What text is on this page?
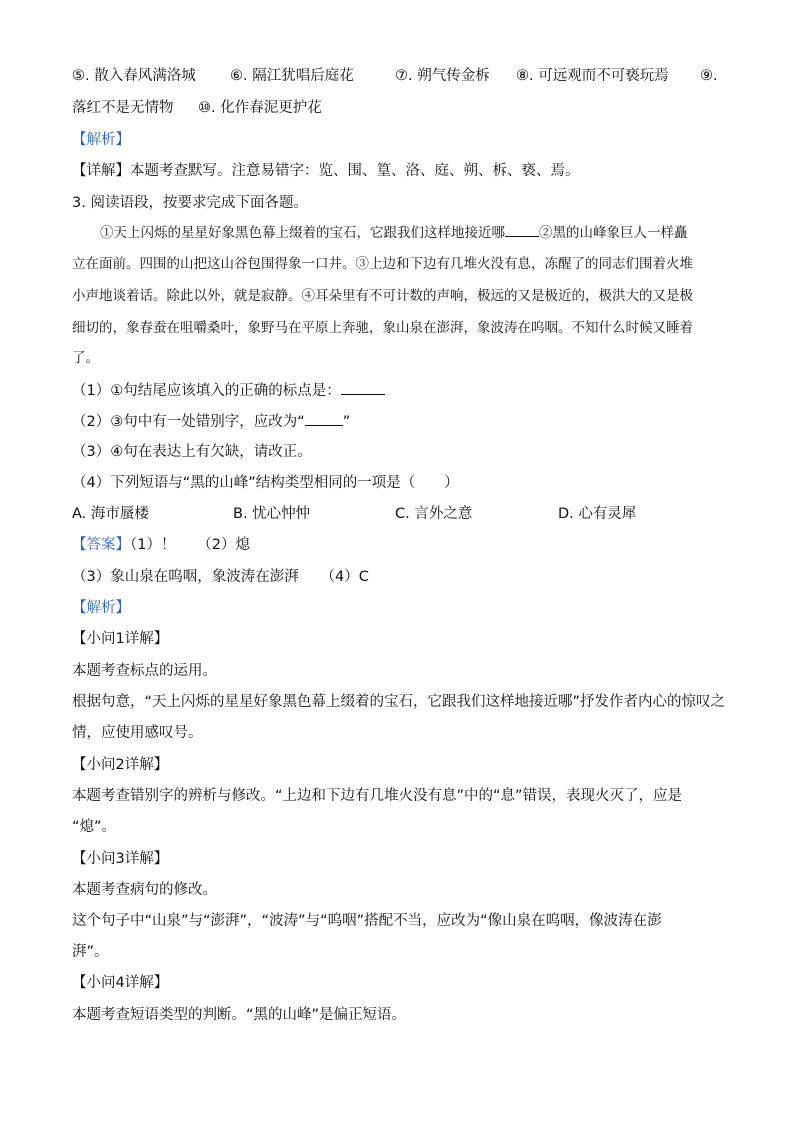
⑤. 散入春风满洛城 ⑥. 隔江犹唱后庭花	⑦. 朔气传金柝 ⑧. 可远观而不可亵玩焉 ⑨.
落红不是无情物 ⑩. 化作春泥更护花
【解析】
【详解】本题考查默写。注意易错字：览、围、篁、洛、庭、朔、柝、亵、焉。
3. 阅读语段，按要求完成下面各题。
①天上闪烁的星星好象黑色幕上缀着的宝石，它跟我们这样地接近哪	②黑的山峰象巨人一样矗
立在面前。四围的山把这山谷包围得象一口井。③上边和下边有几堆火没有息，冻醒了的同志们围着火堆
小声地谈着话。除此以外，就是寂静。④耳朵里有不可计数的声响，极远的又是极近的，极洪大的又是极
细切的，象春蚕在咀嚼桑叶，象野马在平原上奔驰，象山泉在澎湃，象波涛在呜咽。不知什么时候又睡着
了。
（1）①句结尾应该填入的正确的标点是：
（2）③句中有一处错别字，应改为“	”
（3）④句在表达上有欠缺，请改正。
（4）下列短语与“黑的山峰”结构类型相同的一项是（　　）
A. 海市蜃楼	B. 忧心忡忡	C. 言外之意	D. 心有灵犀
【答案】（1）！　　（2）熄
（3）象山泉在呜咽，象波涛在澎湃　　（4）C
【解析】
【小问1详解】
本题考查标点的运用。
根据句意，“天上闪烁的星星好象黑色幕上缀着的宝石，它跟我们这样地接近哪”抒发作者内心的惊叹之
情，应使用感叹号。
【小问2详解】
本题考查错别字的辨析与修改。“上边和下边有几堆火没有息”中的“息”错误，表现火灭了，应是
“熄”。
【小问3详解】
本题考查病句的修改。
这个句子中“山泉”与“澎湃”，“波涛”与“呜咽”搭配不当，应改为“像山泉在呜咽，像波涛在澎
湃”。
【小问4详解】
本题考查短语类型的判断。“黑的山峰”是偏正短语。
